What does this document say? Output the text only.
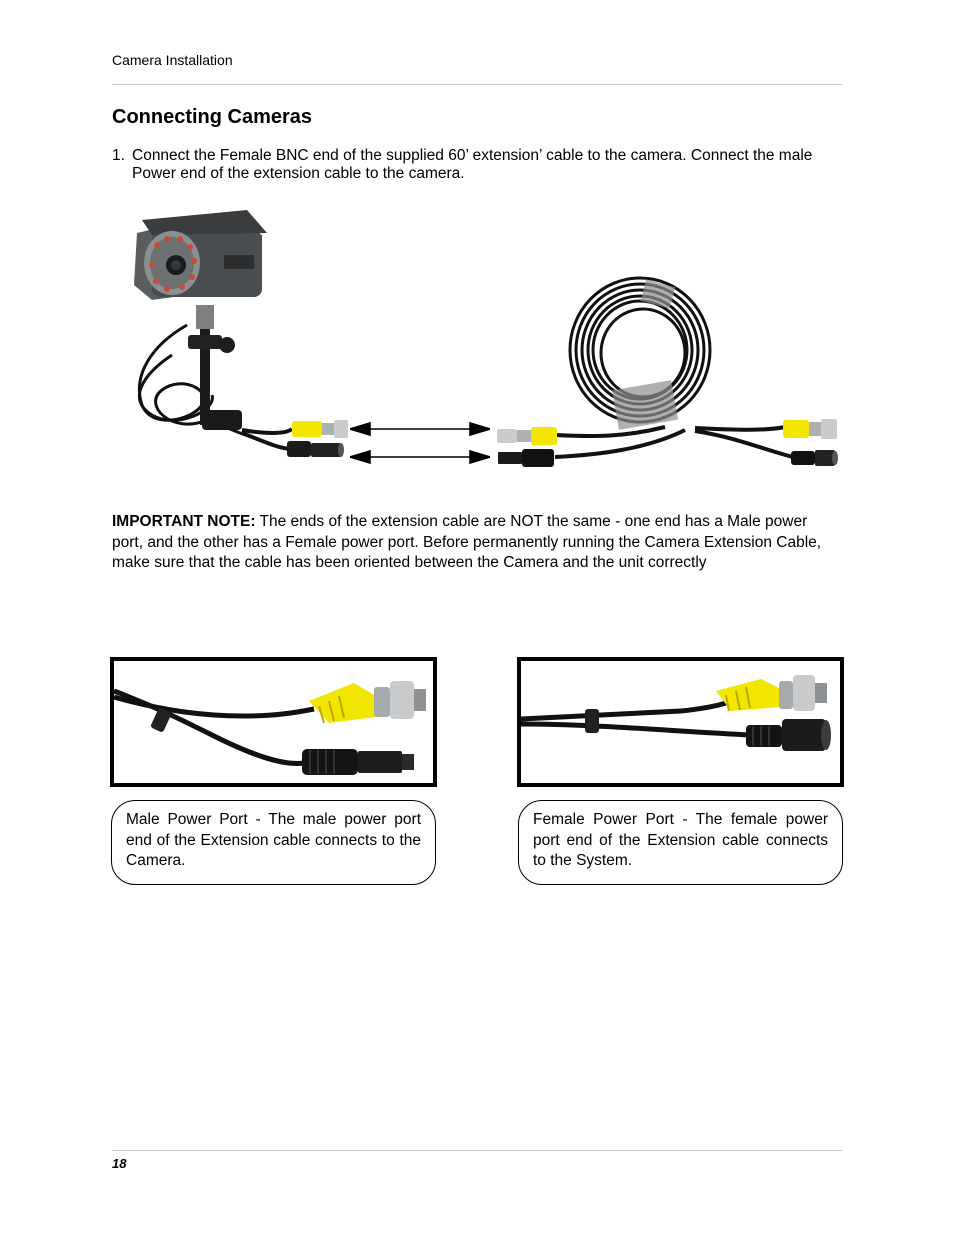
Camera Installation
Connecting Cameras
1. Connect the Female BNC end of the supplied 60’ extension’ cable to the camera. Connect the male Power end of the extension cable to the camera.
IMPORTANT NOTE: The ends of the extension cable are NOT the same - one end has a Male power port, and the other has a Female power port. Before permanently running the Camera Extension Cable, make sure that the cable has been oriented between the Camera and the unit correctly
Male Power Port - The male power port end of the Extension cable connects to the Camera.
Female Power Port - The female power port end of the Extension cable connects to the System.
18
